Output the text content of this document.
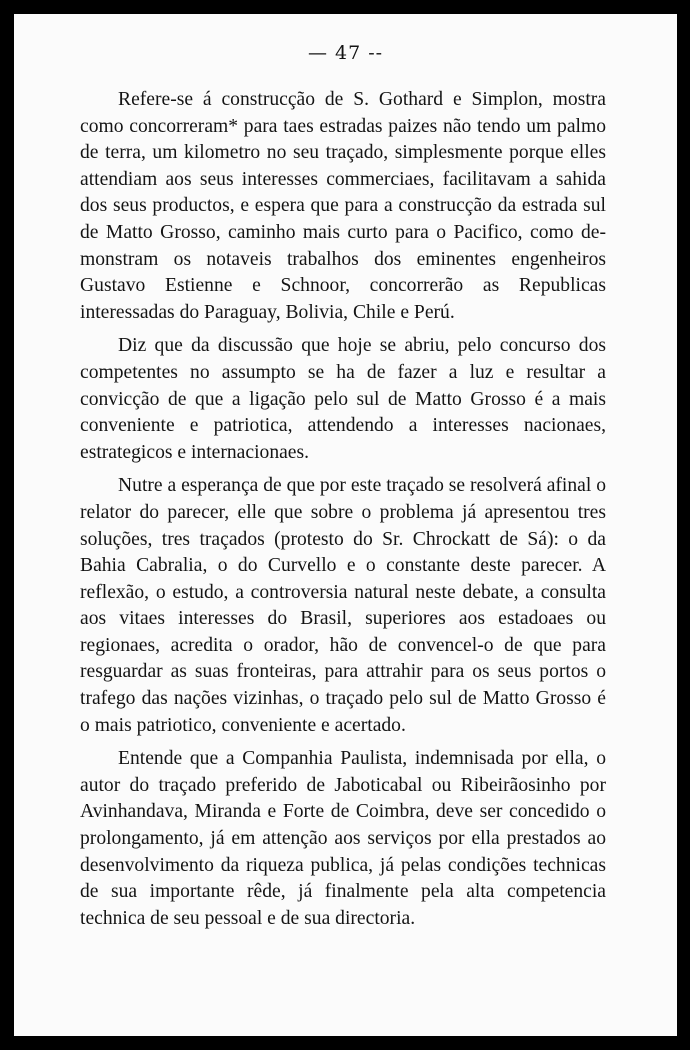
— 47 --

Refere-se á construcção de S. Gothard e Simplon, mostra como concorreram* para taes estradas paizes não tendo um palmo de terra, um kilometro no seu traçado, simplesmente porque elles attendiam aos seus interesses commerciaes, facilitavam a sahida dos seus productos, e espera que para a construcção da estrada sul de Matto Grosso, caminho mais curto para o Pacifico, como demonstram os notaveis trabalhos dos eminentes engenheiros Gustavo Estienne e Schnoor, concorrerão as Republicas interessadas do Paraguay, Bolivia, Chile e Perú.

Diz que da discussão que hoje se abriu, pelo concurso dos competentes no assumpto se ha de fazer a luz e resultar a convicção de que a ligação pelo sul de Matto Grosso é a mais conveniente e patriotica, attendendo a interesses nacionaes, estrategicos e internacionaes.

Nutre a esperança de que por este traçado se resolverá afinal o relator do parecer, elle que sobre o problema já apresentou tres soluções, tres traçados (protesto do Sr. Chrockatt de Sá): o da Bahia Cabralia, o do Curvello e o constante deste parecer. A reflexão, o estudo, a controversia natural neste debate, a consulta aos vitaes interesses do Brasil, superiores aos estadoaes ou regionaes, acredita o orador, hão de convencel-o de que para resguardar as suas fronteiras, para attrahir para os seus portos o trafego das nações vizinhas, o traçado pelo sul de Matto Grosso é o mais patriotico, conveniente e acertado.

Entende que a Companhia Paulista, indemnisada por ella, o autor do traçado preferido de Jaboticabal ou Ribeirãosinho por Avinhandava, Miranda e Forte de Coimbra, deve ser concedido o prolongamento, já em attenção aos serviços por ella prestados ao desenvolvimento da riqueza publica, já pelas condições technicas de sua importante rêde, já finalmente pela alta competencia technica de seu pessoal e de sua directoria.
